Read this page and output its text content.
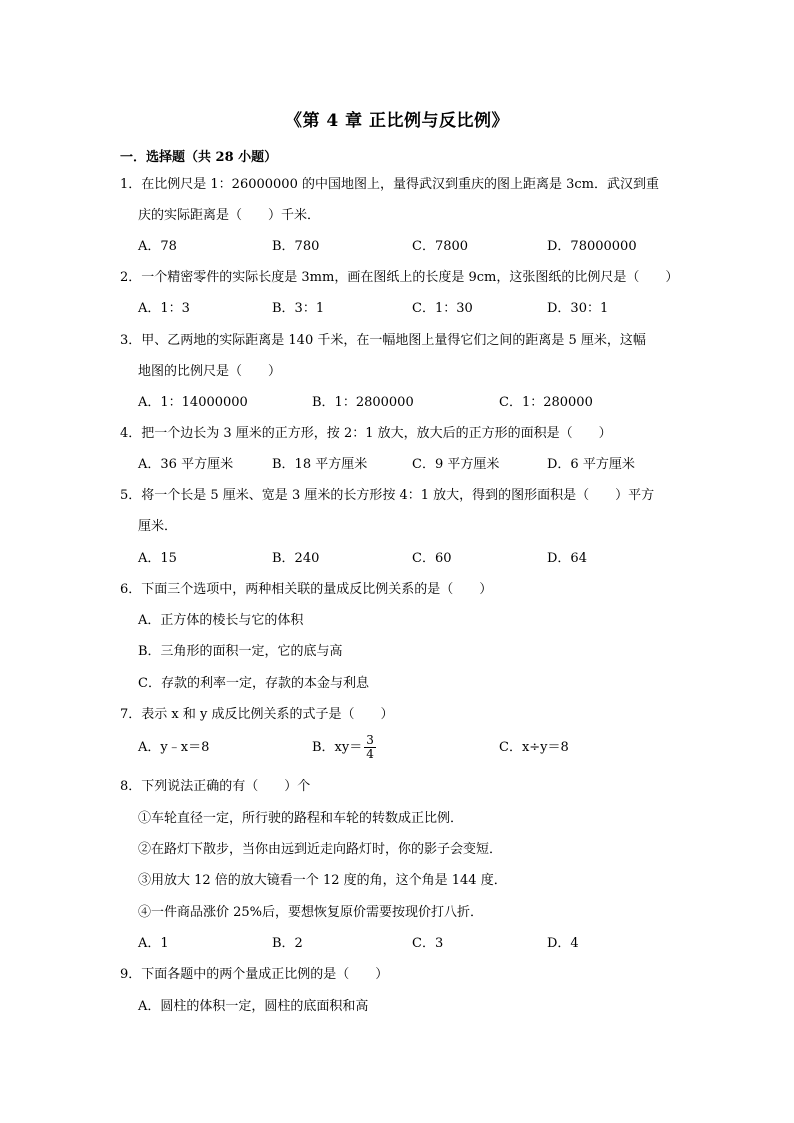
《第 4 章 正比例与反比例》
一．选择题（共 28 小题）
1．在比例尺是 1：26000000 的中国地图上，量得武汉到重庆的图上距离是 3cm．武汉到重
庆的实际距离是（　　）千米．
A．78	B．780	C．7800	D．78000000
2．一个精密零件的实际长度是 3mm，画在图纸上的长度是 9cm，这张图纸的比例尺是（　　）
A．1：3	B．3：1	C．1：30	D．30：1
3．甲、乙两地的实际距离是 140 千米，在一幅地图上量得它们之间的距离是 5 厘米，这幅
地图的比例尺是（　　）
A．1：14000000	B．1：2800000	C．1：280000
4．把一个边长为 3 厘米的正方形，按 2：1 放大，放大后的正方形的面积是（　　）
A．36 平方厘米	B．18 平方厘米	C．9 平方厘米	D．6 平方厘米
5．将一个长是 5 厘米、宽是 3 厘米的长方形按 4：1 放大，得到的图形面积是（　　）平方
厘米．
A．15	B．240	C．60	D．64
6．下面三个选项中，两种相关联的量成反比例关系的是（　　）
A．正方体的棱长与它的体积
B．三角形的面积一定，它的底与高
C．存款的利率一定，存款的本金与利息
7．表示 x 和 y 成反比例关系的式子是（　　）
A．y﹣x＝8	B．$xy= \frac{3}{4}$	C．x÷y＝8
8．下列说法正确的有（　　）个
①车轮直径一定，所行驶的路程和车轮的转数成正比例．
②在路灯下散步，当你由远到近走向路灯时，你的影子会变短．
③用放大 12 倍的放大镜看一个 12 度的角，这个角是 144 度．
④一件商品涨价 25%后，要想恢复原价需要按现价打八折．
A．1	B．2	C．3	D．4
9．下面各题中的两个量成正比例的是（　　）
A．圆柱的体积一定，圆柱的底面积和高
